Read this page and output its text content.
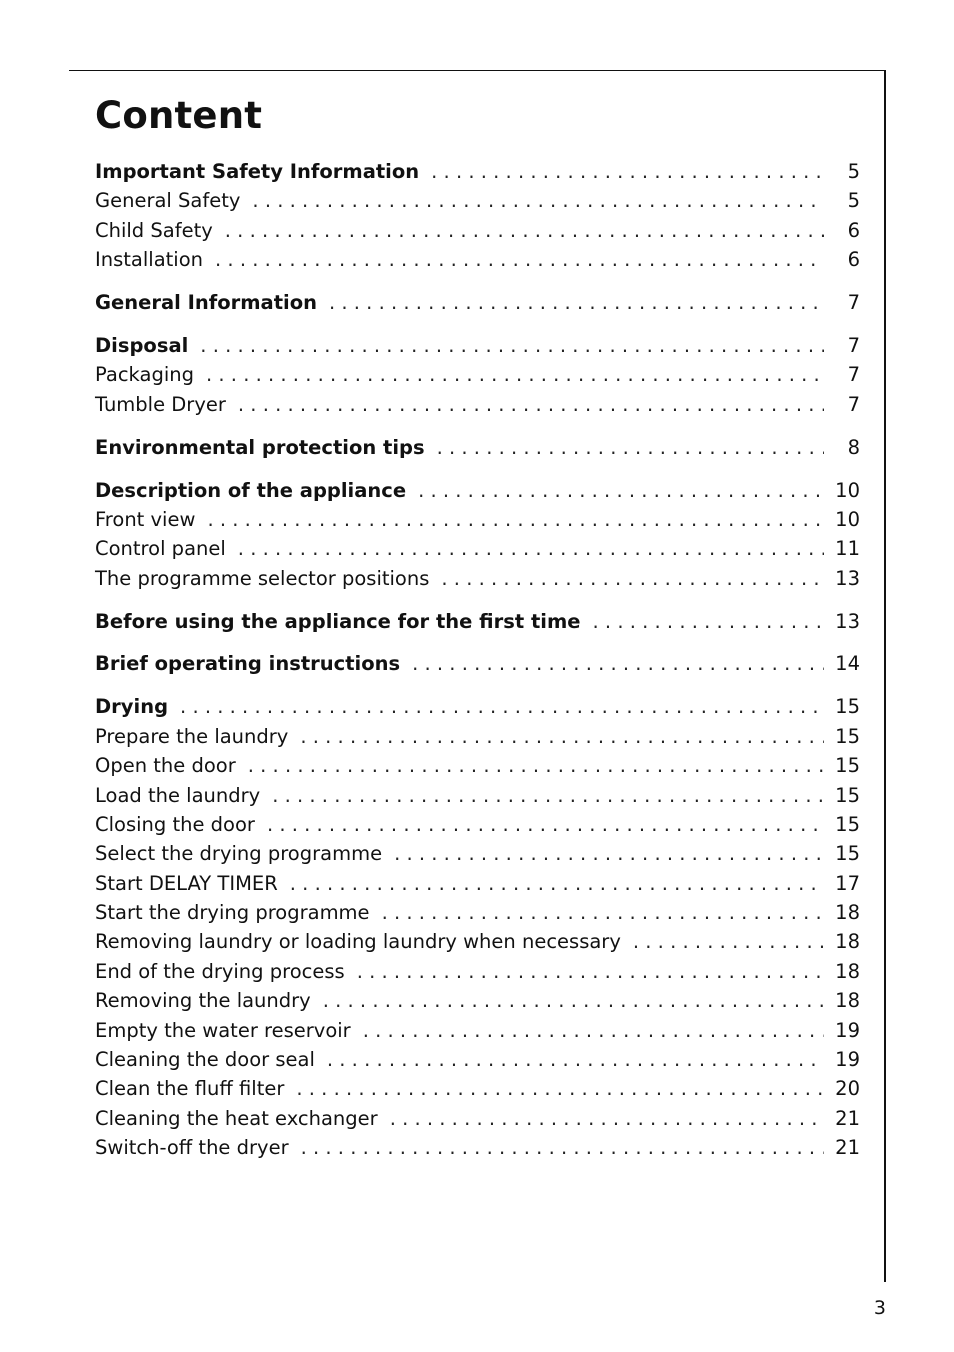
Content
Important Safety Information .....	5
General Safety .....	5
Child Safety .....	6
Installation .....	6
General Information .....	7
Disposal .....	7
Packaging .....	7
Tumble Dryer .....	7
Environmental protection tips .....	8
Description of the appliance .....	10
Front view .....	10
Control panel .....	11
The programme selector positions .....	13
Before using the appliance for the first time .....	13
Brief operating instructions .....	14
Drying .....	15
Prepare the laundry .....	15
Open the door .....	15
Load the laundry .....	15
Closing the door .....	15
Select the drying programme .....	15
Start DELAY TIMER .....	17
Start the drying programme .....	18
Removing laundry or loading laundry when necessary .....	18
End of the drying process .....	18
Removing the laundry .....	18
Empty the water reservoir .....	19
Cleaning the door seal .....	19
Clean the fluff filter .....	20
Cleaning the heat exchanger .....	21
Switch-off the dryer .....	21
3
